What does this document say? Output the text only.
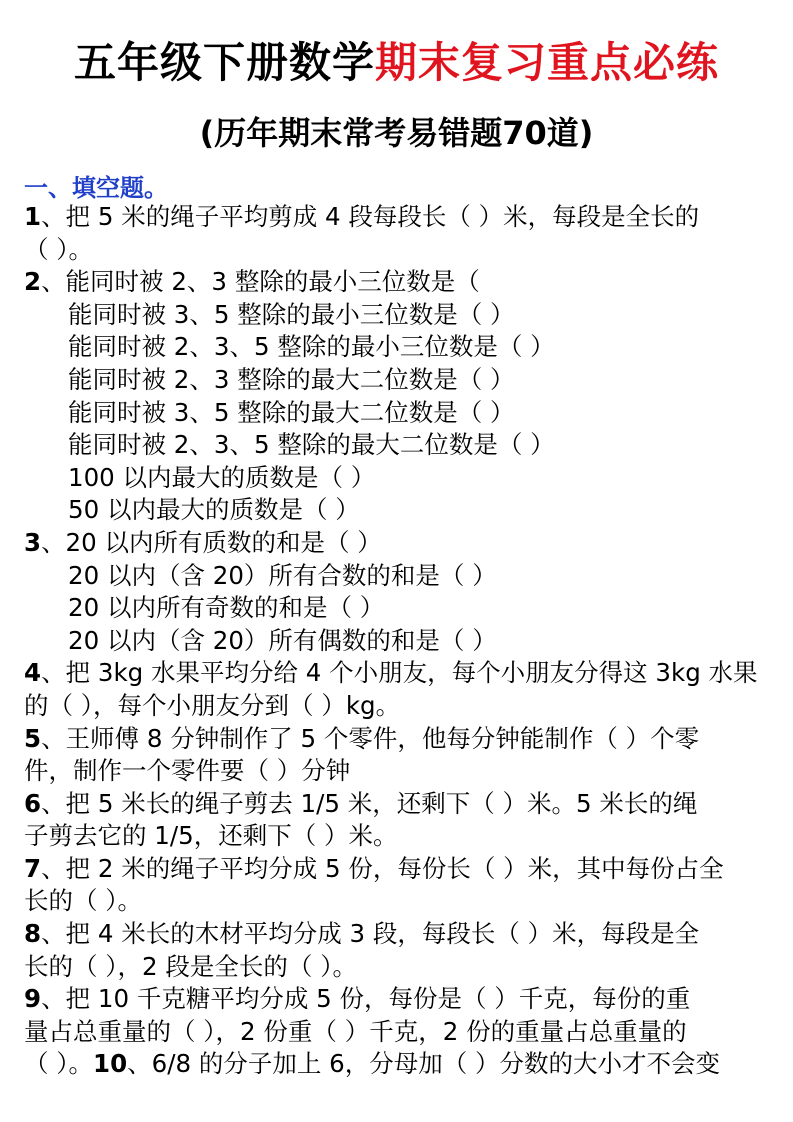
五年级下册数学期末复习重点必练
(历年期末常考易错题70道)
一、填空题。
1、把 5 米的绳子平均剪成 4 段每段长（ ）米，每段是全长的
（ ）。
2、能同时被 2、3 整除的最小三位数是（
能同时被 3、5 整除的最小三位数是（ ）
能同时被 2、3、5 整除的最小三位数是（ ）
能同时被 2、3 整除的最大二位数是（ ）
能同时被 3、5 整除的最大二位数是（ ）
能同时被 2、3、5 整除的最大二位数是（ ）
100 以内最大的质数是（ ）
50 以内最大的质数是（ ）
3、20 以内所有质数的和是（ ）
20 以内（含 20）所有合数的和是（ ）
20 以内所有奇数的和是（ ）
20 以内（含 20）所有偶数的和是（ ）
4、把 3kg 水果平均分给 4 个小朋友，每个小朋友分得这 3kg 水果
的（ ），每个小朋友分到（ ）kg。
5、王师傅 8 分钟制作了 5 个零件，他每分钟能制作（ ）个零
件，制作一个零件要（ ）分钟
6、把 5 米长的绳子剪去 1/5 米，还剩下（ ）米。5 米长的绳
子剪去它的 1/5，还剩下（ ）米。
7、把 2 米的绳子平均分成 5 份，每份长（ ）米，其中每份占全
长的（ ）。
8、把 4 米长的木材平均分成 3 段，每段长（ ）米，每段是全
长的（ ），2 段是全长的（ ）。
9、把 10 千克糖平均分成 5 份，每份是（ ）千克，每份的重
量占总重量的（ ），2 份重（ ）千克，2 份的重量占总重量的
（ ）。10、6/8 的分子加上 6，分母加（ ）分数的大小才不会变
